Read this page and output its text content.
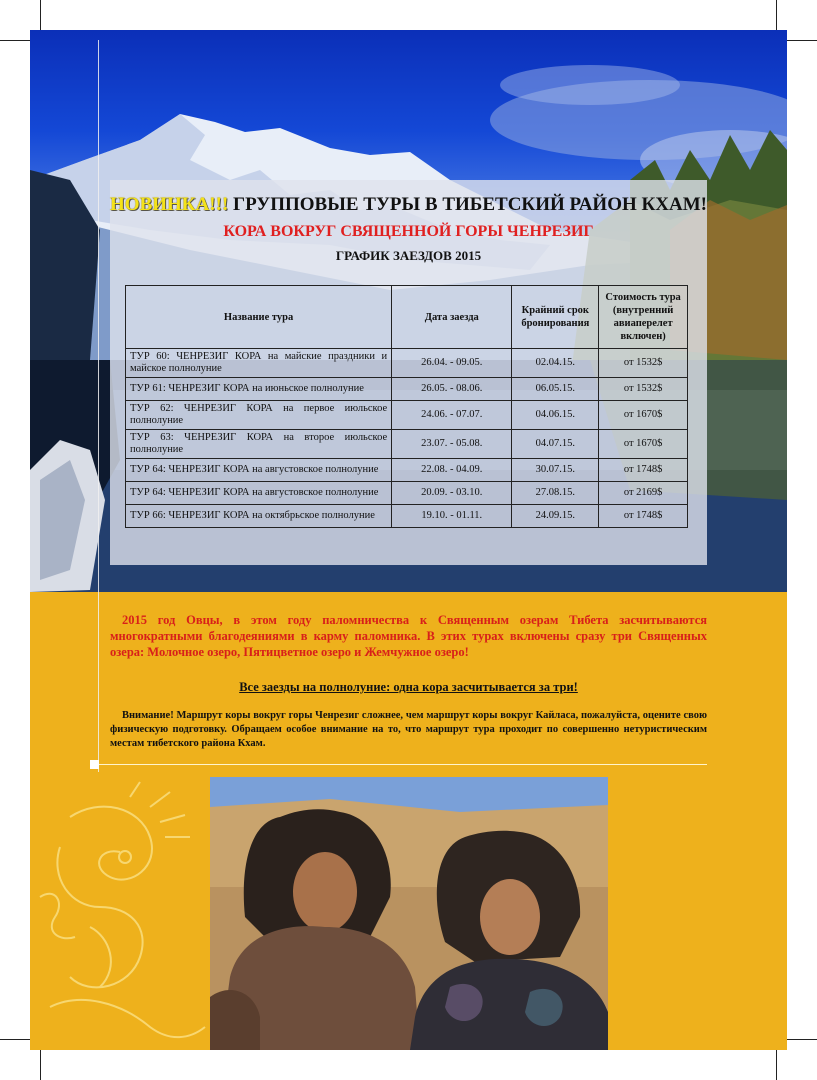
НОВИНКА!!! ГРУППОВЫЕ ТУРЫ В ТИБЕТСКИЙ РАЙОН КХАМ!
КОРА ВОКРУГ СВЯЩЕННОЙ ГОРЫ ЧЕНРЕЗИГ
ГРАФИК ЗАЕЗДОВ 2015
Название тура	Дата заезда	Крайний срок бронирования	Стоимость тура (внутренний авиаперелет включен)
ТУР 60: ЧЕНРЕЗИГ КОРА на майские праздники и майское полнолуние	26.04. - 09.05.	02.04.15.	от 1532$
ТУР 61: ЧЕНРЕЗИГ КОРА на июньское полнолуние	26.05. - 08.06.	06.05.15.	от 1532$
ТУР 62: ЧЕНРЕЗИГ КОРА на первое июльское полнолуние	24.06. - 07.07.	04.06.15.	от 1670$
ТУР 63: ЧЕНРЕЗИГ КОРА на второе июльское полнолуние	23.07. - 05.08.	04.07.15.	от 1670$
ТУР 64: ЧЕНРЕЗИГ КОРА на августовское полнолуние	22.08. - 04.09.	30.07.15.	от 1748$
ТУР 64: ЧЕНРЕЗИГ КОРА на августовское полнолуние	20.09. - 03.10.	27.08.15.	от 2169$
ТУР 66: ЧЕНРЕЗИГ КОРА на октябрьское полнолуние	19.10. - 01.11.	24.09.15.	от 1748$
2015 год Овцы, в этом году паломничества к Священным озерам Тибета засчитываются многократными благодеяниями в карму паломника. В этих турах включены сразу три Священных озера: Молочное озеро, Пятицветное озеро и Жемчужное озеро!
Все заезды на полнолуние: одна кора засчитывается за три!
Внимание! Маршрут коры вокруг горы Ченрезиг сложнее, чем маршрут коры вокруг Кайласа, пожалуйста, оцените свою физическую подготовку. Обращаем особое внимание на то, что маршрут тура проходит по совершенно нетуристическим местам тибетского района Кхам.
